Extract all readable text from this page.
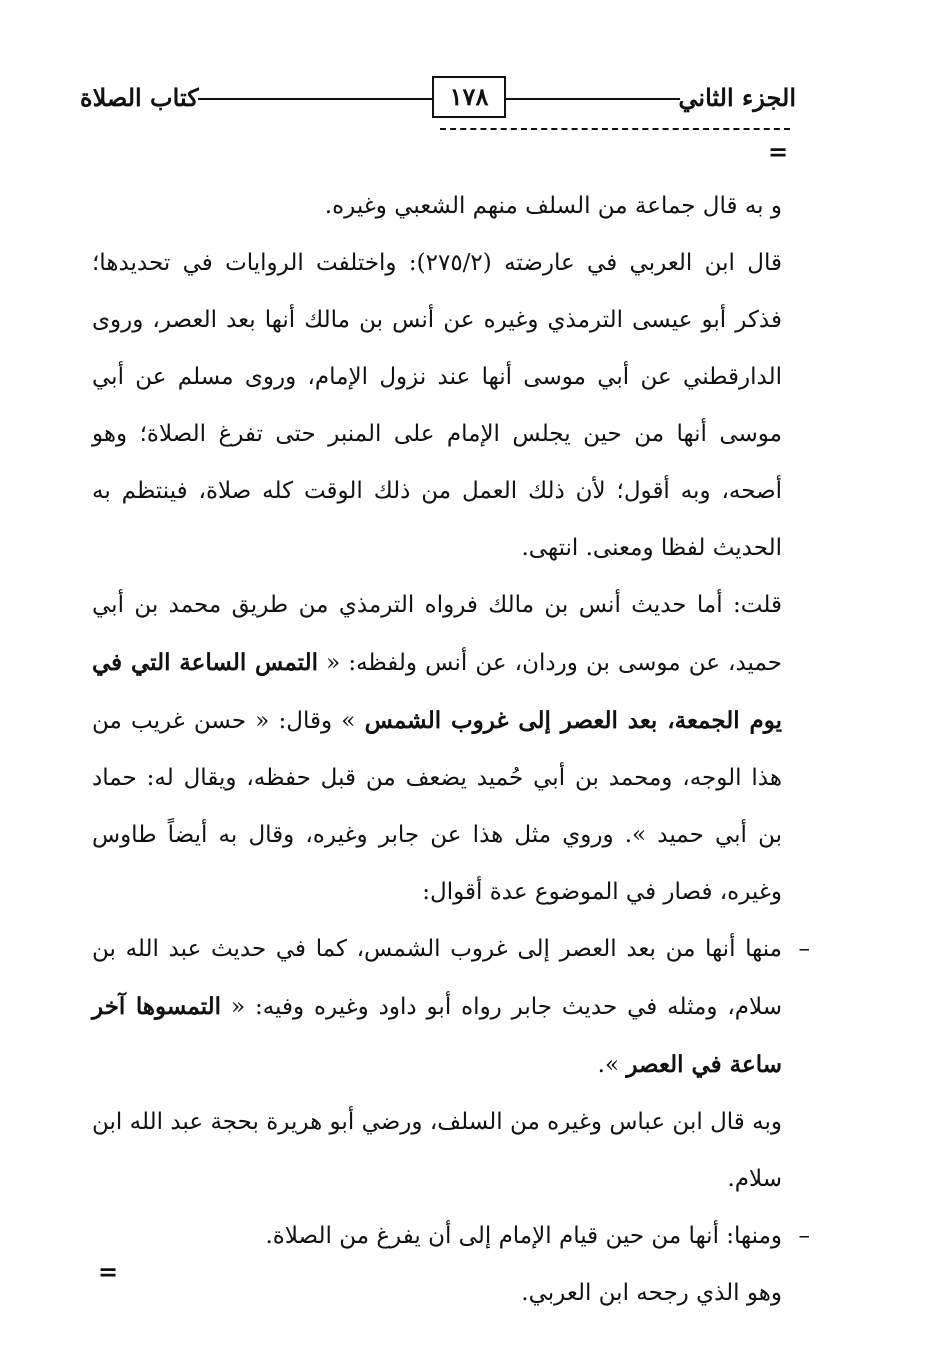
الجزء الثاني
١٧٨
كتاب الصلاة
=

و به قال جماعة من السلف منهم الشعبي وغيره.

قال ابن العربي في عارضته (٢٧٥/٢): واختلفت الروايات في تحديدها؛ فذكر أبو عيسى الترمذي وغيره عن أنس بن مالك أنها بعد العصر، وروى الدارقطني عن أبي موسى أنها عند نزول الإمام، وروى مسلم عن أبي موسى أنها من حين يجلس الإمام على المنبر حتى تفرغ الصلاة؛ وهو أصحه، وبه أقول؛ لأن ذلك العمل من ذلك الوقت كله صلاة، فينتظم به الحديث لفظا ومعنى. انتهى.

قلت: أما حديث أنس بن مالك فرواه الترمذي من طريق محمد بن أبي حميد، عن موسى بن وردان، عن أنس ولفظه: « التمس الساعة التي في يوم الجمعة، بعد العصر إلى غروب الشمس » وقال: « حسن غريب من هذا الوجه، ومحمد بن أبي حُميد يضعف من قبل حفظه، ويقال له: حماد بن أبي حميد ». وروي مثل هذا عن جابر وغيره، وقال به أيضاً طاوس وغيره، فصار في الموضوع عدة أقوال:

–
منها أنها من بعد العصر إلى غروب الشمس، كما في حديث عبد الله بن سلام، ومثله في حديث جابر رواه أبو داود وغيره وفيه: « التمسوها آخر ساعة في العصر ».

وبه قال ابن عباس وغيره من السلف، ورضي أبو هريرة بحجة عبد الله ابن سلام.

–
ومنها: أنها من حين قيام الإمام إلى أن يفرغ من الصلاة.

وهو الذي رجحه ابن العربي.

=
